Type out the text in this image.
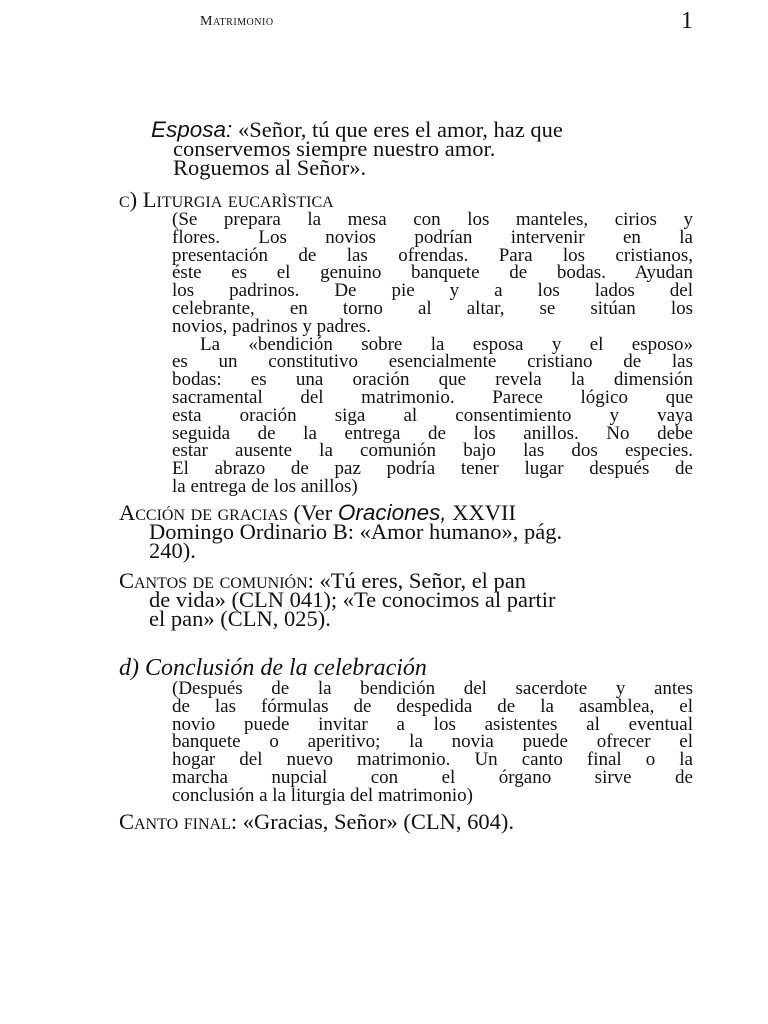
Matrimonio	1
Esposa: «Señor, tú que eres el amor, haz que
conservemos siempre nuestro amor.
Roguemos al Señor».
c) Liturgia eucarìstica
(Se prepara la mesa con los manteles, cirios y
flores. Los novios podrían intervenir en la
presentación de las ofrendas. Para los cristianos,
éste es el genuino banquete de bodas. Ayudan
los padrinos. De pie y a los lados del
celebrante, en torno al altar, se sitúan los
novios, padrinos y padres.
La «bendición sobre la esposa y el esposo»
es un constitutivo esencialmente cristiano de las
bodas: es una oración que revela la dimensión
sacramental del matrimonio. Parece lógico que
esta oración siga al consentimiento y vaya
seguida de la entrega de los anillos. No debe
estar ausente la comunión bajo las dos especies.
El abrazo de paz podría tener lugar después de
la entrega de los anillos)
Acción de gracias (Ver Oraciones, XXVII
Domingo Ordinario B: «Amor humano», pág.
240).
Cantos de comunión: «Tú eres, Señor, el pan
de vida» (CLN 041); «Te conocimos al partir
el pan» (CLN, 025).
d) Conclusión de la celebración
(Después de la bendición del sacerdote y antes
de las fórmulas de despedida de la asamblea, el
novio puede invitar a los asistentes al eventual
banquete o aperitivo; la novia puede ofrecer el
hogar del nuevo matrimonio. Un canto final o la
marcha nupcial con el órgano sirve de
conclusión a la liturgia del matrimonio)
Canto final: «Gracias, Señor» (CLN, 604).
